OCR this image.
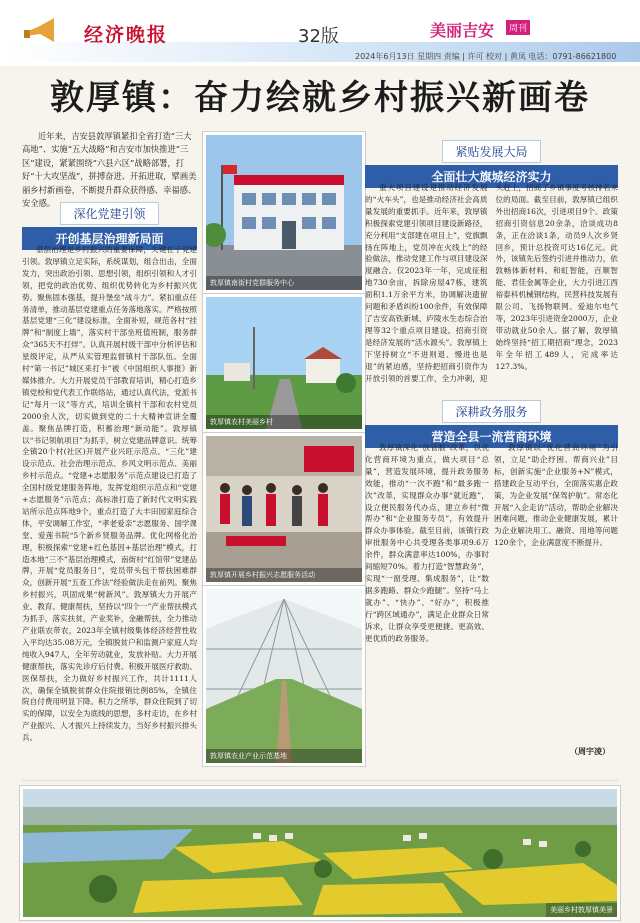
经济晚报	32版	美丽吉安	周刊
2024年6月13日 星期四 责编 | 许可 校对 | 黄凤 电话：0791-86621800
敦厚镇：奋力绘就乡村振兴新画卷
近年来，吉安县敦厚镇紧扣全省打造“三大高地”、实施“五大战略”和吉安市加快推进“三区”建设，紧紧围绕“六县六区”战略部署，打好“十大攻坚战”，拼搏奋进、开拓进取，擘画美丽乡村新画卷，不断提升群众获得感、幸福感、安全感。
深化党建引领
开创基层治理新局面
基层治理是乡村振兴的重要保障，关键在于党建引领。敦厚镇立足实际，系统谋划，组合出击，全面发力，突出政治引领、思想引领，组织引领和人才引领，把党的政治优势、组织优势转化为乡村振兴优势。聚焦固本强基，提升堡垒“战斗力”。紧扣重点任务清单，推动基层党建重点任务落地落实。严格按照基层党建“三化”建设标准，全面补短，规范各村“挂牌”和“制度上墙”，落实村干部坐班值班制，服务群众“365天不打烊”。认真开展村级干部中分析评估和星级评定，从严从实管理监督镇村干部队伍。全面村“第一书记”城区来打卡”被《中国组织人事报》新媒体推介。大力开展党员干部教育培训，精心打造乡镇党校和党代表工作联络站，通过认真代法，党派书记“每月一议”等方式，培训全镇村干部和农村党员2000余人次，切实做到党的二十大精神宣讲全覆盖。聚焦品牌打造，积蓄治理“新动能”。敦厚镇以“书记领航项目”为抓手，树立党建品牌意识。统筹全镇20个村(社区)开展产业兴旺示范点、“三化”建设示范点、社会治理示范点、乡风文明示范点、美丽乡村示范点。“党建+志愿服务”示范点建设已打造了全国村级党建服务阵地，发挥党组织示范点和“党建+志愿服务”示范点；高标准打造了新时代文明实践站所示范点阵地9个，重点打造了大丰田园家庭综合体，平安调解工作室，“孝老爱亲”志愿服务、国学课堂、爱莲书院“5个新乡贤服务品牌。优化网格化治理，积极探索“党建+红色基因+基层治理”模式，打造本地“三不”基层治理模式，南街村“红馆带”党建品牌，开展“党员服务日”，党员带头包干帮扶困难群众，创新开展“五查工作法”经验做法走在前列。聚焦乡村振兴，巩固成果“树新风”。敦厚镇大力开展产业、教育、健康帮扶，坚持以“四个一”产业帮扶模式为抓手，落实扶贫，产业奖补，金融帮扶，全力推动产业联农带农，2023年全镇村级集体经济经营性收入平均达35.08万元，全镇脱贫户和监测户家庭人均纯收入947人，全年劳动就业，发放补贴。大力开展健康帮扶，落实先诊疗后付费。积极开展医疗救助、医保帮扶，全力做好乡村振兴工作，共计1111人次，确保全镇脱贫群众住院报销比例85%，全镇住院自付费用明显下降。积力之所举，群众住院到了切实的保障，以安全为底线的思想，多村走访，在乡村产业振兴、人才振兴上持续发力，当好乡村振兴排头兵。
敦厚镇南街村党群服务中心
敦厚镇农村美丽乡村
敦厚镇开展乡村振兴志愿服务活动
敦厚镇农业产业示范基地
紧贴发展大局
全面壮大旗城经济实力
重大项目建设是推动经济发展的“火车头”，也是推动经济社会高质量发展的重要抓手。近年来，敦厚镇积极探索党建引领项目建设新路径，充分利用“支部建在项目上”，党旗飘扬在阵地上，党员冲在火线上”的经验做法，推动党建工作与项目建设深度融合。仅2023年一年，完成征租地730余亩，拆除房屋47栋，建筑面积1.1万余平方米，协调解决遗留问题和矛盾纠纷100余件，有效保障了吉安高铁新城、庐陵水生态综合治理等32个重点项目建设。招商引资是经济发展的“活水源头”。敦厚镇上下坚持树立“不进则退、慢进也是退”的紧迫感，坚持把招商引资作为开放引领的首要工作，全力冲刺，迎头赶上，招商了乡镇事度考核排名末位的局面。截至目前，敦厚镇已组织外出招商16次，引进项目9个。政策招商引资信息20余条，洽谈成功8条，正在洽谈1条，动员9人次乡贤回乡，预计总投资可达16亿元。此外，该镇先后签约引进并推动力，依敦畅体新材料、和虹智能，百顺智能、君佳金属等企业，大力引进江西裕泰科机械钢结构，民营科技发展有限公司、飞扬物联网、爱迪尔电气等，2023年引进资金2000万，企业带动就业50余人。据了解，敦厚镇始终坚持“招工期招商”理念，2023年全年招工489人，完成率达127.3%。
深耕政务服务
营造全县一流营商环境
敦厚镇深化“放管服”改革，以优化营商环境为重点，做大项目“总量”，营造发展环境，提升政务服务效能，推动“一次不跑”和“最多跑一次”改革，实现群众办事“就近跑”，设立便民服务代办点，建立乡村“微帮办”和“企业服务专员”，有效提升群众办事体验。截至目前，该镇行政审批服务中心共受理各类事项9.6万余件，群众满意率达100%，办事时间缩短70%。着力打造“智慧政务”，实现“一窗受理、集成服务”，让“数据多跑路、群众少跑腿”。坚持“马上就办”、“快办”、“好办”，积极推行“跨区域通办”，满足企业群众日常诉求，让群众享受更便捷、更高效、更优质的政务服务。
敦厚镇以“优化营商环境”为引领，立足“助企纾困、帮商兴业”目标，创新实施“企业服务+N”模式，搭建政企互动平台，全面落实惠企政策，为企业发展“保驾护航”。常态化开展“入企走访”活动，帮助企业解决困难问题，推动企业健康发展，累计为企业解决用工、融资、用地等问题120余个，企业满意度不断提升。
（周宇凌）
美丽乡村敦厚镇美景
